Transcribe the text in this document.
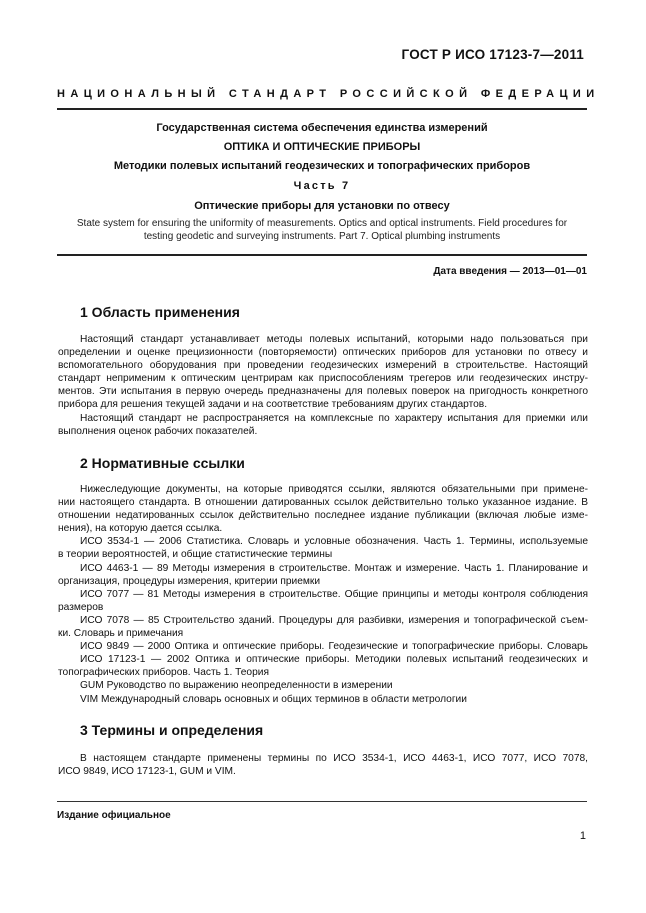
ГОСТ Р ИСО 17123-7—2011
НАЦИОНАЛЬНЫЙ СТАНДАРТ РОССИЙСКОЙ ФЕДЕРАЦИИ
Государственная система обеспечения единства измерений
ОПТИКА И ОПТИЧЕСКИЕ ПРИБОРЫ
Методики полевых испытаний геодезических и топографических приборов
Часть 7
Оптические приборы для установки по отвесу
State system for ensuring the uniformity of measurements. Optics and optical instruments. Field procedures for
testing geodetic and surveying instruments. Part 7. Optical plumbing instruments
Дата введения — 2013—01—01
1 Область применения
Настоящий стандарт устанавливает методы полевых испытаний, которыми надо пользоваться при
определении и оценке прецизионности (повторяемости) оптических приборов для установки по отвесу и
вспомогательного оборудования при проведении геодезических измерений в строительстве. Настоящий
стандарт неприменим к оптическим центрирам как приспособлениям трегеров или геодезических инстру-
ментов. Эти испытания в первую очередь предназначены для полевых поверок на пригодность конкретного
прибора для решения текущей задачи и на соответствие требованиям других стандартов.
Настоящий стандарт не распространяется на комплексные по характеру испытания для приемки или
выполнения оценок рабочих показателей.
2 Нормативные ссылки
Нижеследующие документы, на которые приводятся ссылки, являются обязательными при примене-
нии настоящего стандарта. В отношении датированных ссылок действительно только указанное издание. В
отношении недатированных ссылок действительно последнее издание публикации (включая любые изме-
нения), на которую дается ссылка.
ИСО 3534-1 — 2006 Статистика. Словарь и условные обозначения. Часть 1. Термины, используемые
в теории вероятностей, и общие статистические термины
ИСО 4463-1 — 89 Методы измерения в строительстве. Монтаж и измерение. Часть 1. Планирование и
организация, процедуры измерения, критерии приемки
ИСО 7077 — 81 Методы измерения в строительстве. Общие принципы и методы контроля соблюдения
размеров
ИСО 7078 — 85 Строительство зданий. Процедуры для разбивки, измерения и топографической съем-
ки. Словарь и примечания
ИСО 9849 — 2000 Оптика и оптические приборы. Геодезические и топографические приборы. Словарь
ИСО 17123-1 — 2002 Оптика и оптические приборы. Методики полевых испытаний геодезических и
топографических приборов. Часть 1. Теория
GUM Руководство по выражению неопределенности в измерении
VIM Международный словарь основных и общих терминов в области метрологии
3 Термины и определения
В настоящем стандарте применены термины по ИСО 3534-1, ИСО 4463-1, ИСО 7077, ИСО 7078,
ИСО 9849, ИСО 17123-1, GUM и VIM.
Издание официальное
1
